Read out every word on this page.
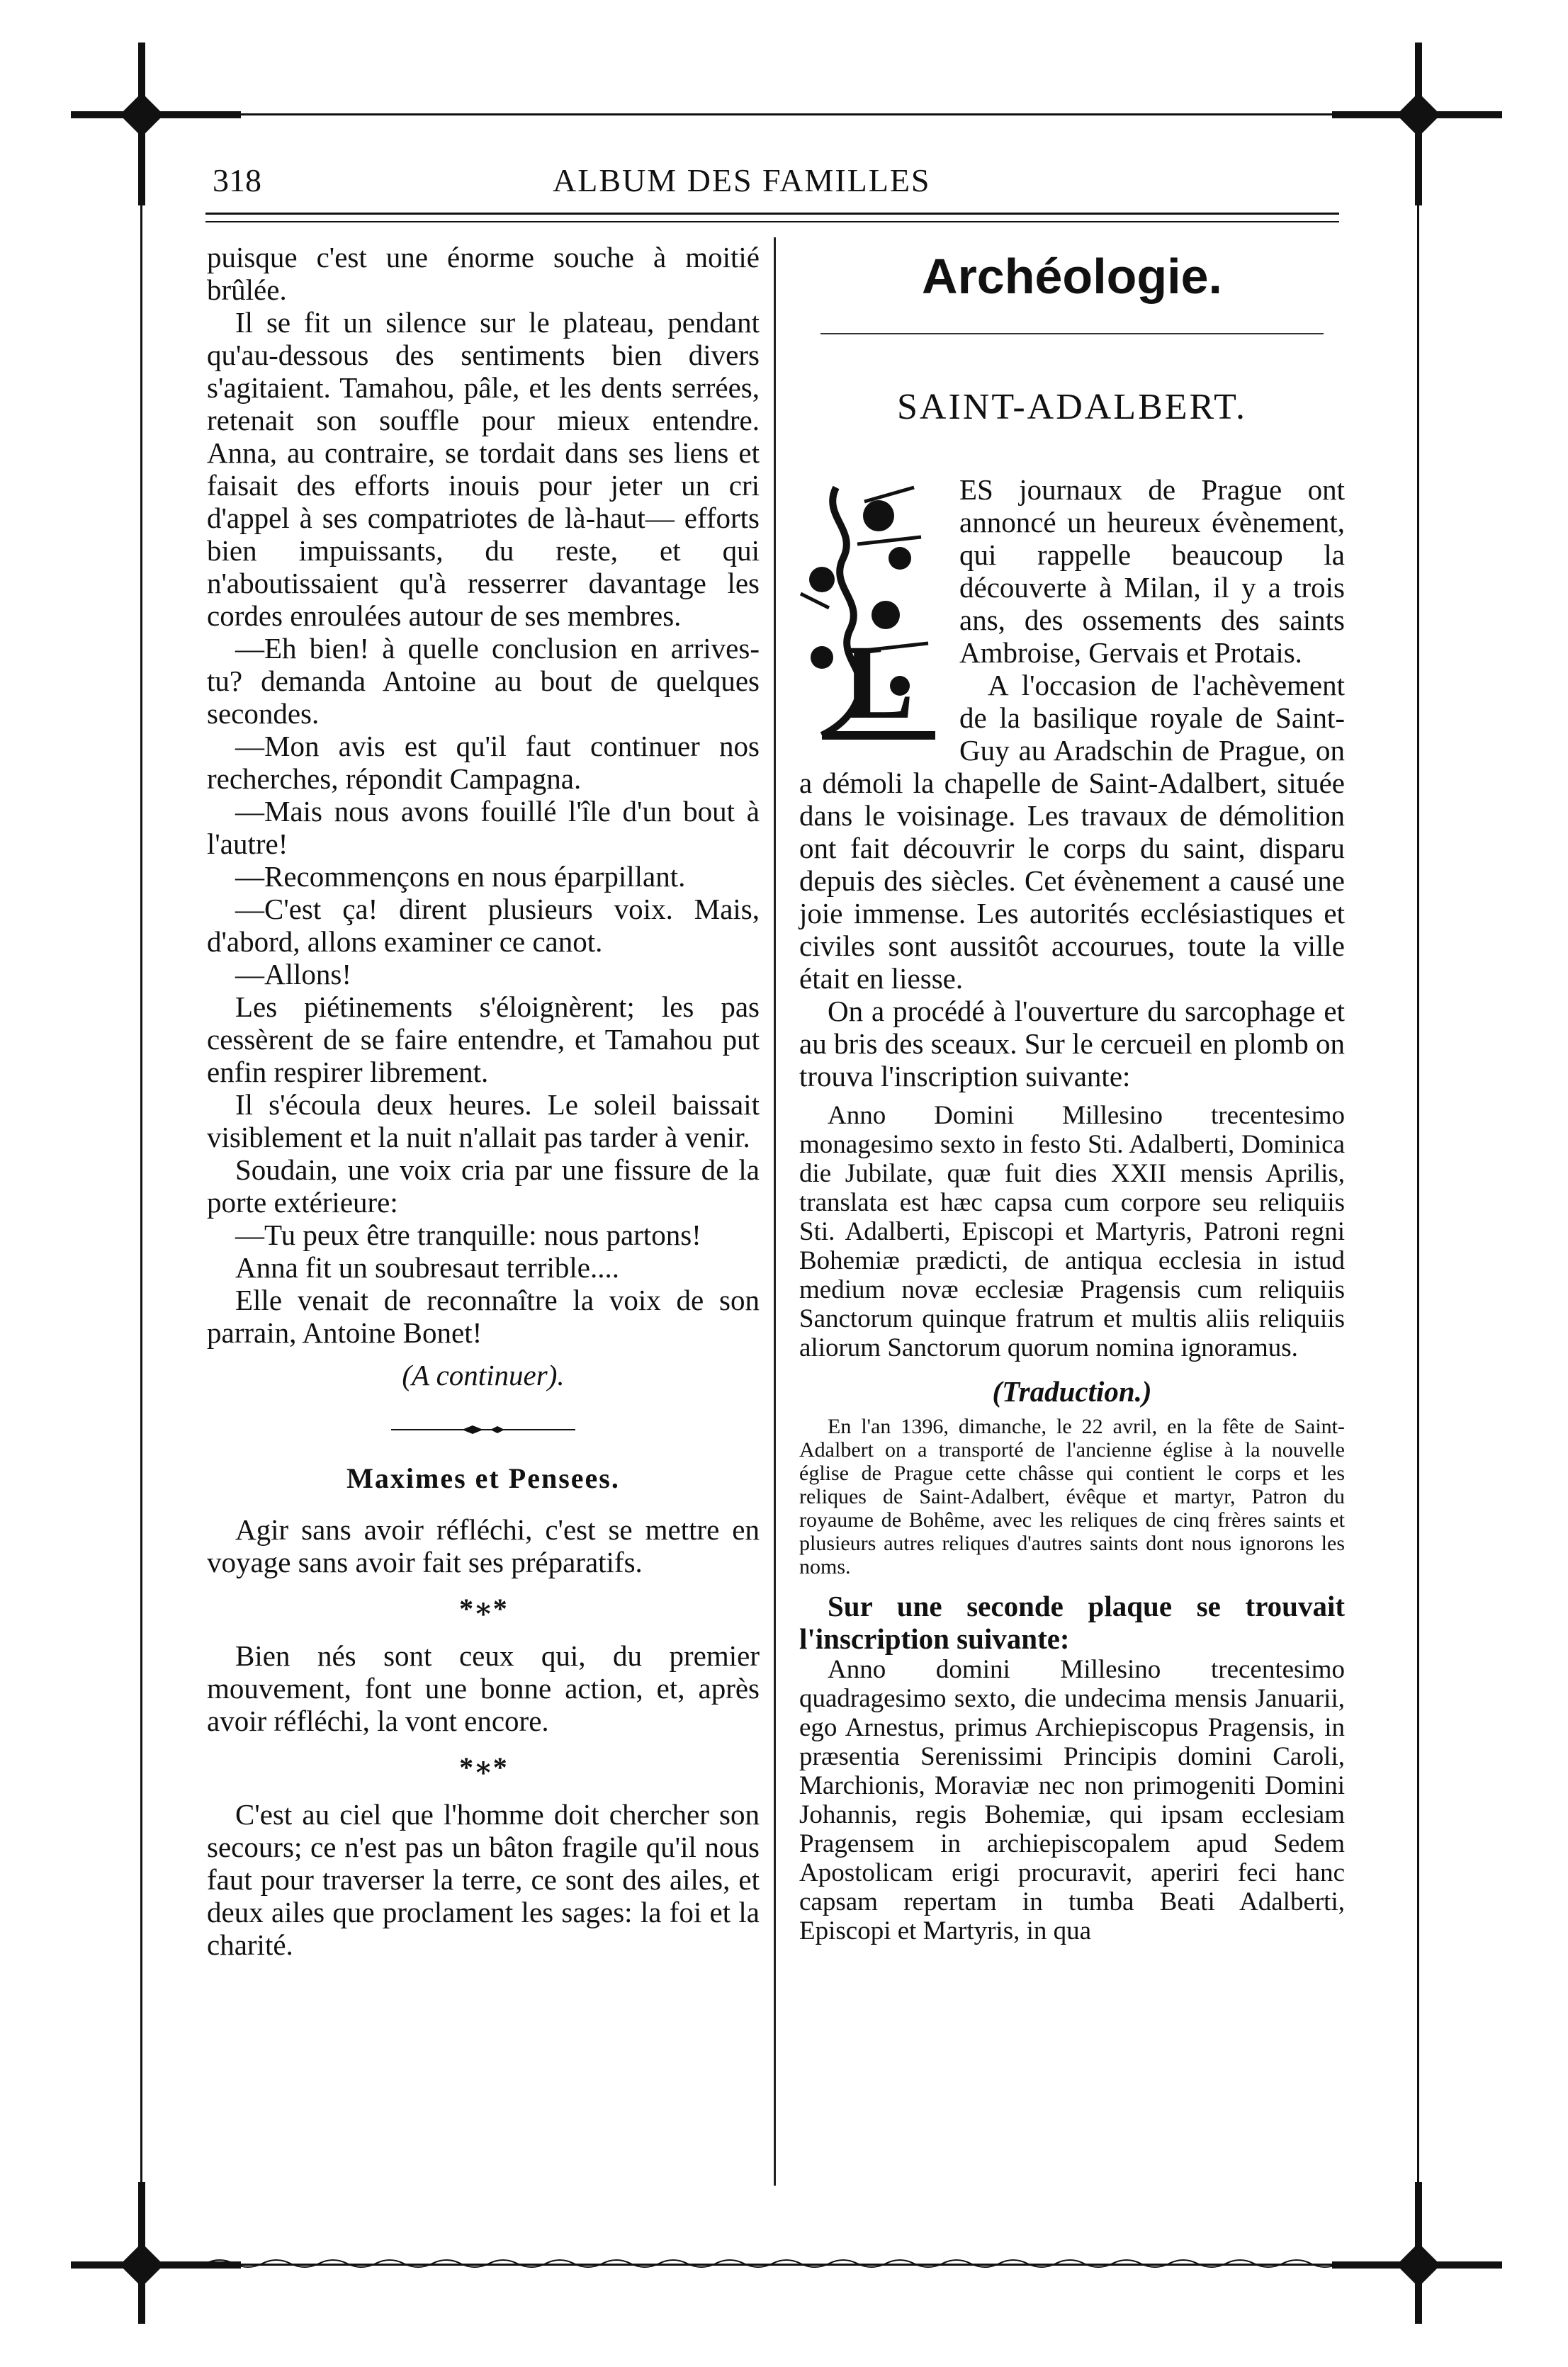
318	ALBUM DES FAMILLES

puisque c'est une énorme souche à moitié brûlée.

Il se fit un silence sur le plateau, pendant qu'au-dessous des sentiments bien divers s'agitaient. Tamahou, pâle, et les dents serrées, retenait son souffle pour mieux entendre. Anna, au contraire, se tordait dans ses liens et faisait des efforts inouis pour jeter un cri d'appel à ses compatriotes de là-haut— efforts bien impuissants, du reste, et qui n'aboutissaient qu'à resserrer davantage les cordes enroulées autour de ses membres.

—Eh bien! à quelle conclusion en arrives-tu? demanda Antoine au bout de quelques secondes.

—Mon avis est qu'il faut continuer nos recherches, répondit Campagna.

—Mais nous avons fouillé l'île d'un bout à l'autre!

—Recommençons en nous éparpillant.

—C'est ça! dirent plusieurs voix. Mais, d'abord, allons examiner ce canot.

—Allons!

Les piétinements s'éloignèrent; les pas cessèrent de se faire entendre, et Tamahou put enfin respirer librement.

Il s'écoula deux heures. Le soleil baissait visiblement et la nuit n'allait pas tarder à venir.

Soudain, une voix cria par une fissure de la porte extérieure:

—Tu peux être tranquille: nous partons!

Anna fit un soubresaut terrible....

Elle venait de reconnaître la voix de son parrain, Antoine Bonet!

(A continuer).

Maximes et Pensees.

Agir sans avoir réfléchi, c'est se mettre en voyage sans avoir fait ses préparatifs.

*∗*

Bien nés sont ceux qui, du premier mouvement, font une bonne action, et, après avoir réfléchi, la vont encore.

*∗*

C'est au ciel que l'homme doit chercher son secours; ce n'est pas un bâton fragile qu'il nous faut pour traverser la terre, ce sont des ailes, et deux ailes que proclament les sages: la foi et la charité.

Archéologie.
SAINT-ADALBERT.
L

ES journaux de Prague ont annoncé un heureux évènement, qui rappelle beaucoup la découverte à Milan, il y a trois ans, des ossements des saints Ambroise, Gervais et Protais.

A l'occasion de l'achèvement de la basilique royale de Saint-Guy au Aradschin de Prague, on a démoli la chapelle de Saint-Adalbert, située dans le voisinage. Les travaux de démolition ont fait découvrir le corps du saint, disparu depuis des siècles. Cet évènement a causé une joie immense. Les autorités ecclésiastiques et civiles sont aussitôt accourues, toute la ville était en liesse.

On a procédé à l'ouverture du sarcophage et au bris des sceaux. Sur le cercueil en plomb on trouva l'inscription suivante:

Anno Domini Millesino trecentesimo monagesimo sexto in festo Sti. Adalberti, Dominica die Jubilate, quæ fuit dies XXII mensis Aprilis, translata est hæc capsa cum corpore seu reliquiis Sti. Adalberti, Episcopi et Martyris, Patroni regni Bohemiæ prædicti, de antiqua ecclesia in istud medium novæ ecclesiæ Pragensis cum reliquiis Sanctorum quinque fratrum et multis aliis reliquiis aliorum Sanctorum quorum nomina ignoramus.

(Traduction.)

En l'an 1396, dimanche, le 22 avril, en la fête de Saint-Adalbert on a transporté de l'ancienne église à la nouvelle église de Prague cette châsse qui contient le corps et les reliques de Saint-Adalbert, évêque et martyr, Patron du royaume de Bohême, avec les reliques de cinq frères saints et plusieurs autres reliques d'autres saints dont nous ignorons les noms.

Sur une seconde plaque se trouvait l'inscription suivante:

Anno domini Millesino trecentesimo quadragesimo sexto, die undecima mensis Januarii, ego Arnestus, primus Archiepiscopus Pragensis, in præsentia Serenissimi Principis domini Caroli, Marchionis, Moraviæ nec non primogeniti Domini Johannis, regis Bohemiæ, qui ipsam ecclesiam Pragensem in archiepiscopalem apud Sedem Apostolicam erigi procuravit, aperiri feci hanc capsam repertam in tumba Beati Adalberti, Episcopi et Martyris, in qua
